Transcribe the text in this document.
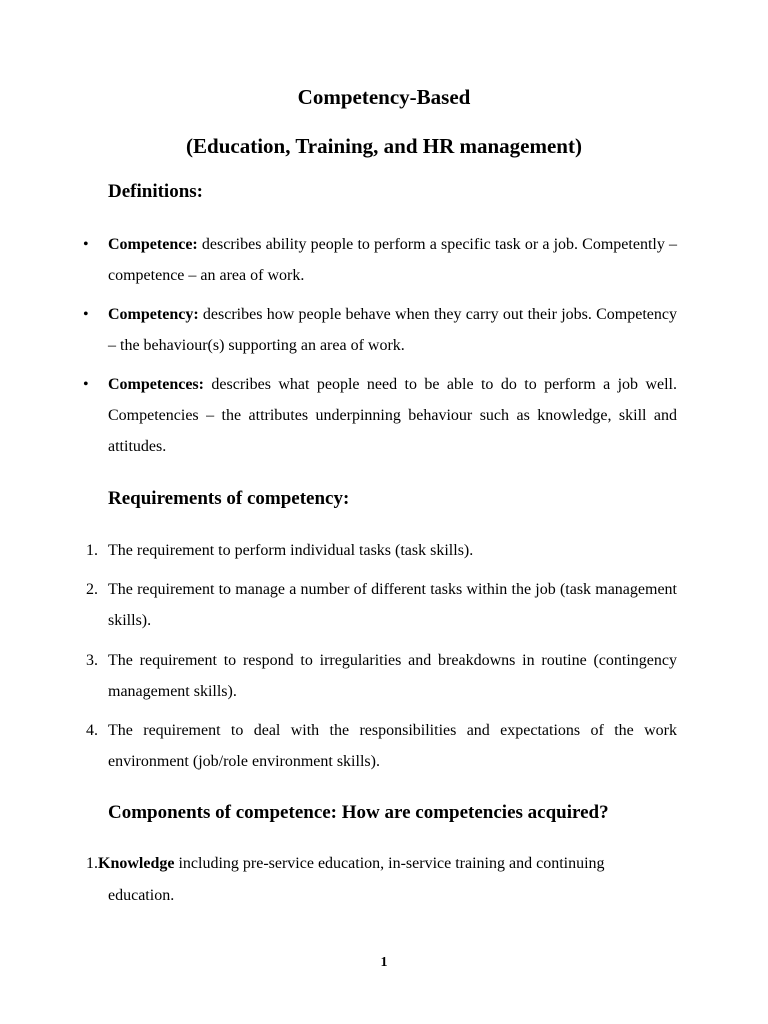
Competency-Based
(Education, Training, and HR management)
Definitions:
• Competence: describes ability people to perform a specific task or a job. Competently – competence – an area of work.

• Competency: describes how people behave when they carry out their jobs. Competency – the behaviour(s) supporting an area of work.

• Competences: describes what people need to be able to do to perform a job well. Competencies – the attributes underpinning behaviour such as knowledge, skill and attitudes.

Requirements of competency:
1. The requirement to perform individual tasks (task skills).

2. The requirement to manage a number of different tasks within the job (task management skills).

3. The requirement to respond to irregularities and breakdowns in routine (contingency management skills).

4. The requirement to deal with the responsibilities and expectations of the work environment (job/role environment skills).

Components of competence: How are competencies acquired?
1.Knowledge including pre-service education, in-service training and continuing
education.
1
